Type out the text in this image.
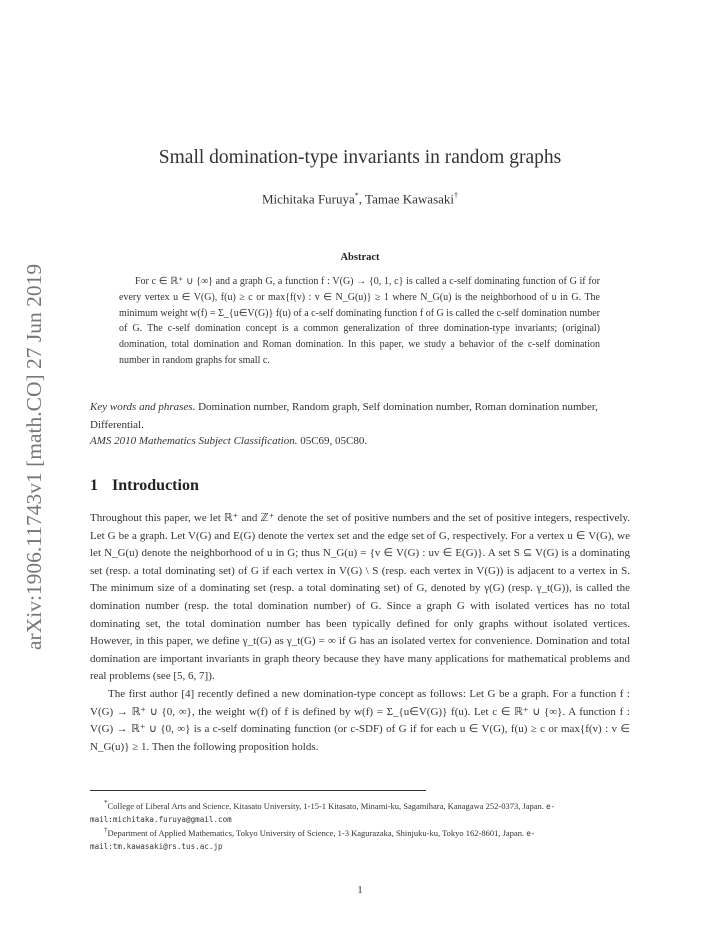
arXiv:1906.11743v1 [math.CO] 27 Jun 2019
Small domination-type invariants in random graphs
Michitaka Furuya*, Tamae Kawasaki†
Abstract
For c ∈ ℝ⁺ ∪ {∞} and a graph G, a function f : V(G) → {0, 1, c} is called a c-self dominating function of G if for every vertex u ∈ V(G), f(u) ≥ c or max{f(v) : v ∈ N_G(u)} ≥ 1 where N_G(u) is the neighborhood of u in G. The minimum weight w(f) = Σ_{u∈V(G)} f(u) of a c-self dominating function f of G is called the c-self domination number of G. The c-self domination concept is a common generalization of three domination-type invariants; (original) domination, total domination and Roman domination. In this paper, we study a behavior of the c-self domination number in random graphs for small c.
Key words and phrases. Domination number, Random graph, Self domination number, Roman domination number, Differential.
AMS 2010 Mathematics Subject Classification. 05C69, 05C80.
1 Introduction

Throughout this paper, we let ℝ⁺ and ℤ⁺ denote the set of positive numbers and the set of positive integers, respectively. Let G be a graph. Let V(G) and E(G) denote the vertex set and the edge set of G, respectively. For a vertex u ∈ V(G), we let N_G(u) denote the neighborhood of u in G; thus N_G(u) = {v ∈ V(G) : uv ∈ E(G)}. A set S ⊆ V(G) is a dominating set (resp. a total dominating set) of G if each vertex in V(G) \ S (resp. each vertex in V(G)) is adjacent to a vertex in S. The minimum size of a dominating set (resp. a total dominating set) of G, denoted by γ(G) (resp. γ_t(G)), is called the domination number (resp. the total domination number) of G. Since a graph G with isolated vertices has no total dominating set, the total domination number has been typically defined for only graphs without isolated vertices. However, in this paper, we define γ_t(G) as γ_t(G) = ∞ if G has an isolated vertex for convenience. Domination and total domination are important invariants in graph theory because they have many applications for mathematical problems and real problems (see [5, 6, 7]).

The first author [4] recently defined a new domination-type concept as follows: Let G be a graph. For a function f : V(G) → ℝ⁺ ∪ {0, ∞}, the weight w(f) of f is defined by w(f) = Σ_{u∈V(G)} f(u). Let c ∈ ℝ⁺ ∪ {∞}. A function f : V(G) → ℝ⁺ ∪ {0, ∞} is a c-self dominating function (or c-SDF) of G if for each u ∈ V(G), f(u) ≥ c or max{f(v) : v ∈ N_G(u)} ≥ 1. Then the following proposition holds.

*College of Liberal Arts and Science, Kitasato University, 1-15-1 Kitasato, Minami-ku, Sagamihara, Kanagawa 252-0373, Japan. e-mail:michitaka.furuya@gmail.com
†Department of Applied Mathematics, Tokyo University of Science, 1-3 Kagurazaka, Shinjuku-ku, Tokyo 162-8601, Japan. e-mail:tm.kawasaki@rs.tus.ac.jp
1
